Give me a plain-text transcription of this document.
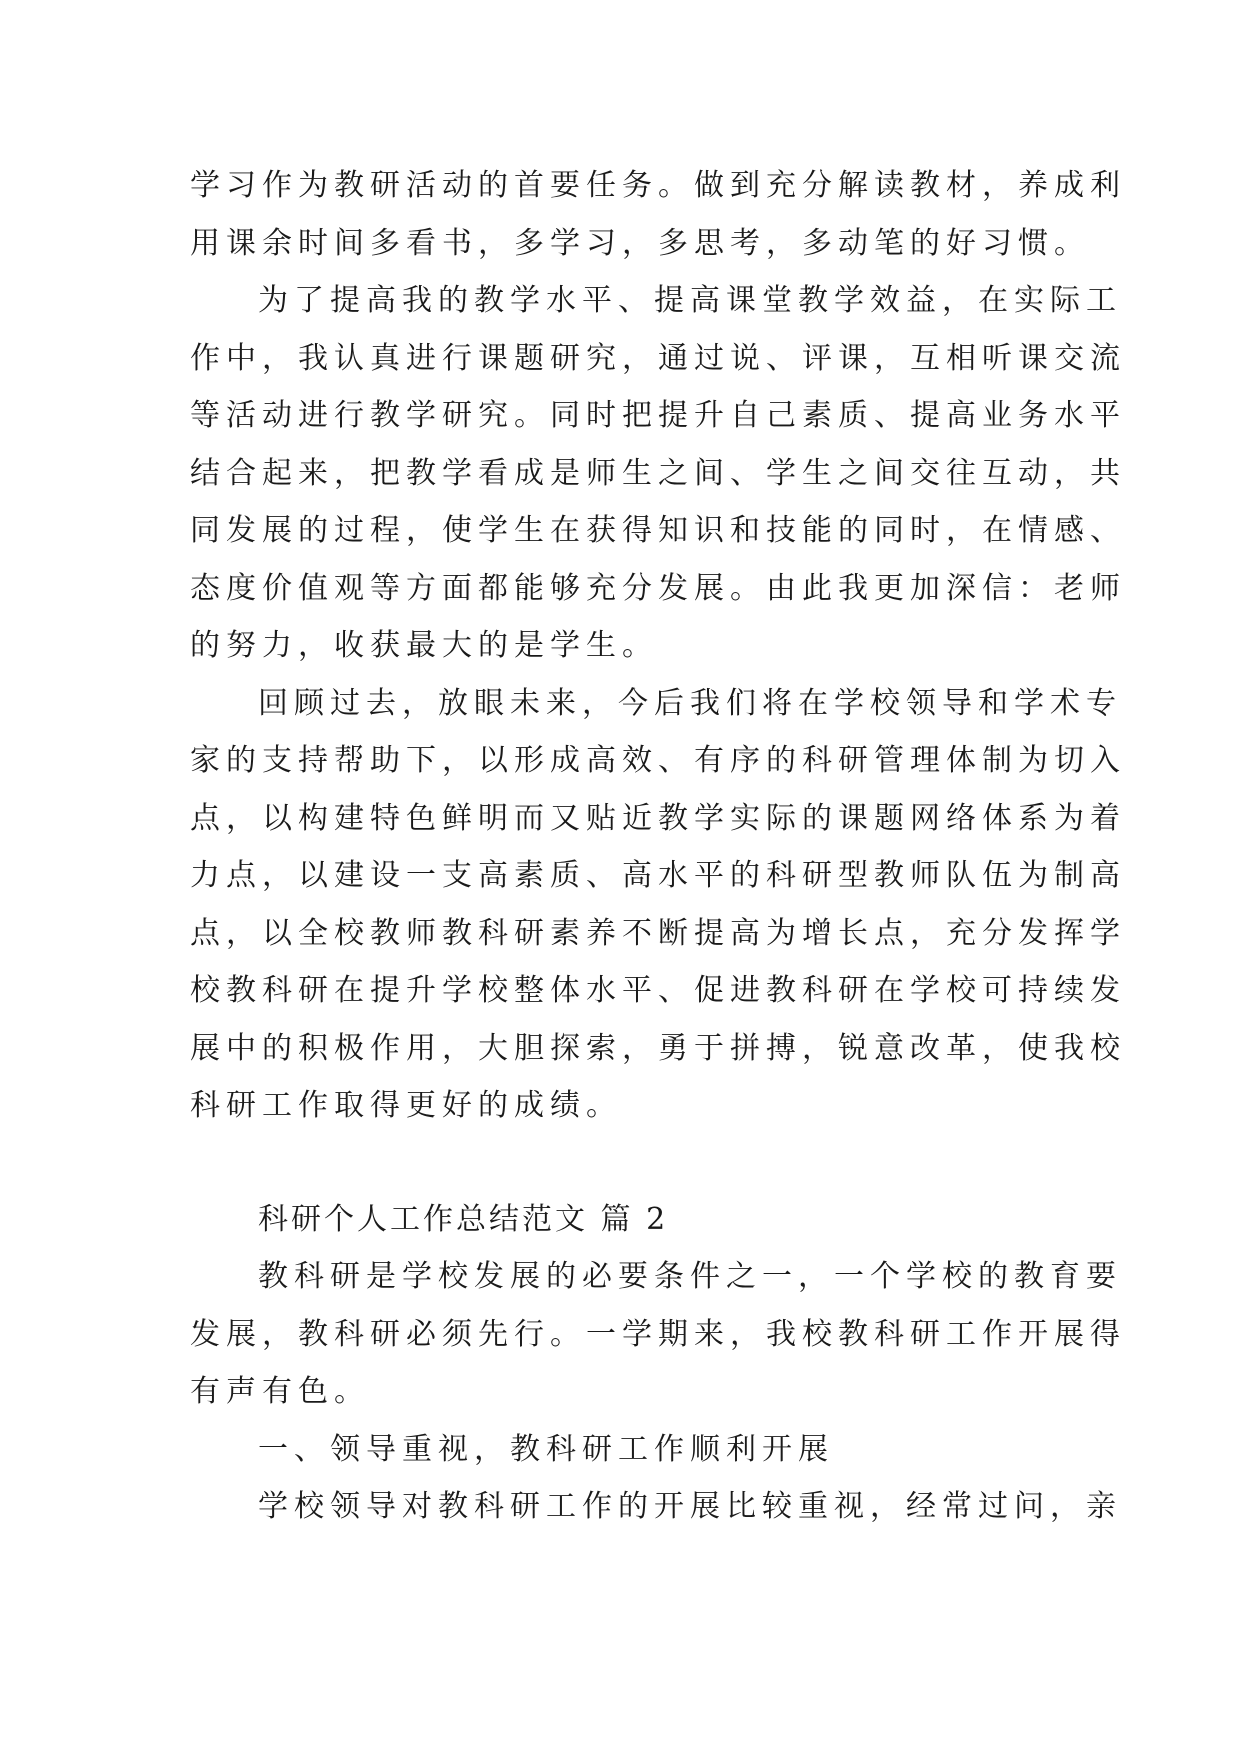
学习作为教研活动的首要任务。做到充分解读教材，养成利
用课余时间多看书，多学习，多思考，多动笔的好习惯。
为了提高我的教学水平、提高课堂教学效益，在实际工
作中，我认真进行课题研究，通过说、评课，互相听课交流
等活动进行教学研究。同时把提升自己素质、提高业务水平
结合起来，把教学看成是师生之间、学生之间交往互动，共
同发展的过程，使学生在获得知识和技能的同时，在情感、
态度价值观等方面都能够充分发展。由此我更加深信：老师
的努力，收获最大的是学生。
回顾过去，放眼未来，今后我们将在学校领导和学术专
家的支持帮助下，以形成高效、有序的科研管理体制为切入
点，以构建特色鲜明而又贴近教学实际的课题网络体系为着
力点，以建设一支高素质、高水平的科研型教师队伍为制高
点，以全校教师教科研素养不断提高为增长点，充分发挥学
校教科研在提升学校整体水平、促进教科研在学校可持续发
展中的积极作用，大胆探索，勇于拼搏，锐意改革，使我校
科研工作取得更好的成绩。
科研个人工作总结范文 篇 2
教科研是学校发展的必要条件之一，一个学校的教育要
发展，教科研必须先行。一学期来，我校教科研工作开展得
有声有色。
一、领导重视，教科研工作顺利开展
学校领导对教科研工作的开展比较重视，经常过问，亲
